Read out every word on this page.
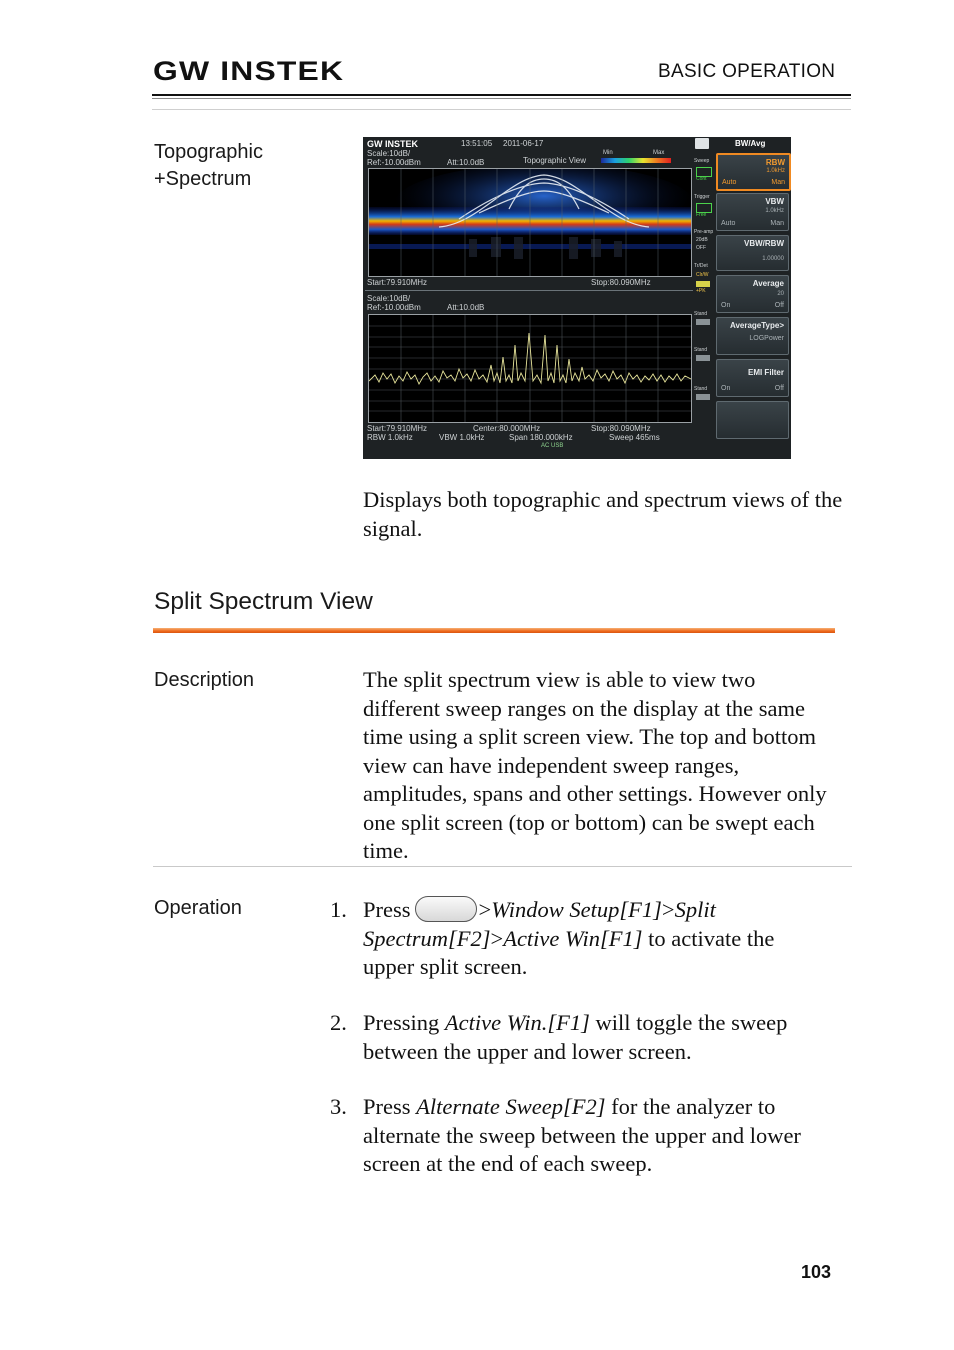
GW INSTEK	BASIC OPERATION
Topographic
+Spectrum
GW INSTEK	13:51:05 2011-06-17
Scale:10dB/
Ref:-10.00dBm	Att:10.0dB	Topographic View
Min	Max
Start:79.910MHz	Stop:80.090MHz
Scale:10dB/
Ref:-10.00dBm	Att:10.0dB
Start:79.910MHz	Center:80.000MHz	Stop:80.090MHz
RBW 1.0kHz	VBW 1.0kHz	Span 180.000kHz	Sweep 465ms
AC USB
Sweep
Cont
Trigger
Free
Pre-amp
20dB
OFF
Tr/Det
Clr/W
+PK
Stand
Stand
Stand
BW/Avg
RBW
1.0kHz
Auto	Man
VBW
1.0kHz
Auto	Man
VBW/RBW
1.00000
Average
20
On	Off
AverageType>
LOGPower
EMI Filter
On	Off
Displays both topographic and spectrum views of the signal.
Split Spectrum View
Description	The split spectrum view is able to view two different sweep ranges on the display at the same time using a split screen view. The top and bottom view can have independent sweep ranges, amplitudes, spans and other settings. However only one split screen (top or bottom) can be swept each time.
Operation	1. Press	>Window Setup[F1]>Split Spectrum[F2]>Active Win[F1] to activate the upper split screen.
2. Pressing Active Win.[F1] will toggle the sweep between the upper and lower screen.
3. Press Alternate Sweep[F2] for the analyzer to alternate the sweep between the upper and lower screen at the end of each sweep.
103
